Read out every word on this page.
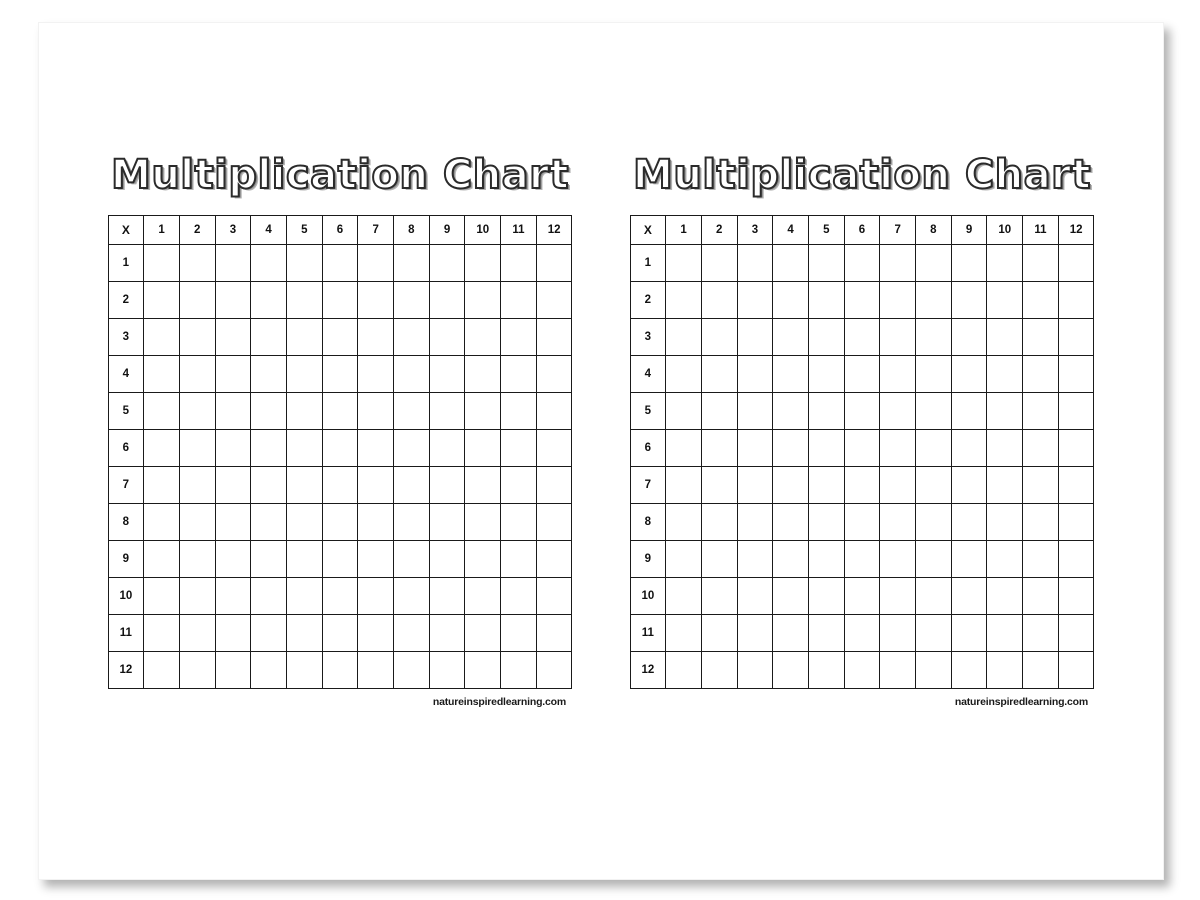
Multiplication Chart
X	1	2	3	4	5	6	7	8	9	10	11	12
1												
2												
3												
4												
5												
6												
7												
8												
9												
10												
11												
12												
natureinspiredlearning.com
Multiplication Chart
X	1	2	3	4	5	6	7	8	9	10	11	12
1												
2												
3												
4												
5												
6												
7												
8												
9												
10												
11												
12												
natureinspiredlearning.com
